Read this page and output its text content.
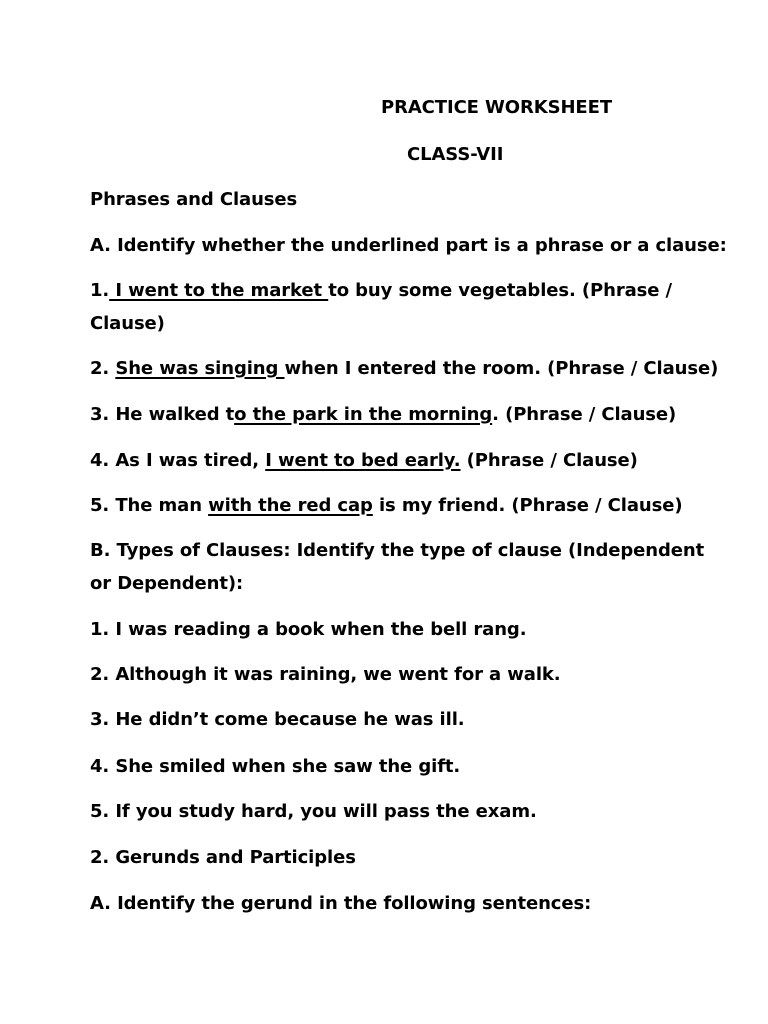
PRACTICE WORKSHEET
CLASS-VII
Phrases and Clauses
A. Identify whether the underlined part is a phrase or a clause:
1. I went to the market to buy some vegetables. (Phrase /
Clause)
2. She was singing when I entered the room. (Phrase / Clause)
3. He walked to the park in the morning. (Phrase / Clause)
4. As I was tired, I went to bed early. (Phrase / Clause)
5. The man with the red cap is my friend. (Phrase / Clause)
B. Types of Clauses: Identify the type of clause (Independent
or Dependent):
1. I was reading a book when the bell rang.
2. Although it was raining, we went for a walk.
3. He didn’t come because he was ill.
4. She smiled when she saw the gift.
5. If you study hard, you will pass the exam.
2. Gerunds and Participles
A. Identify the gerund in the following sentences:
